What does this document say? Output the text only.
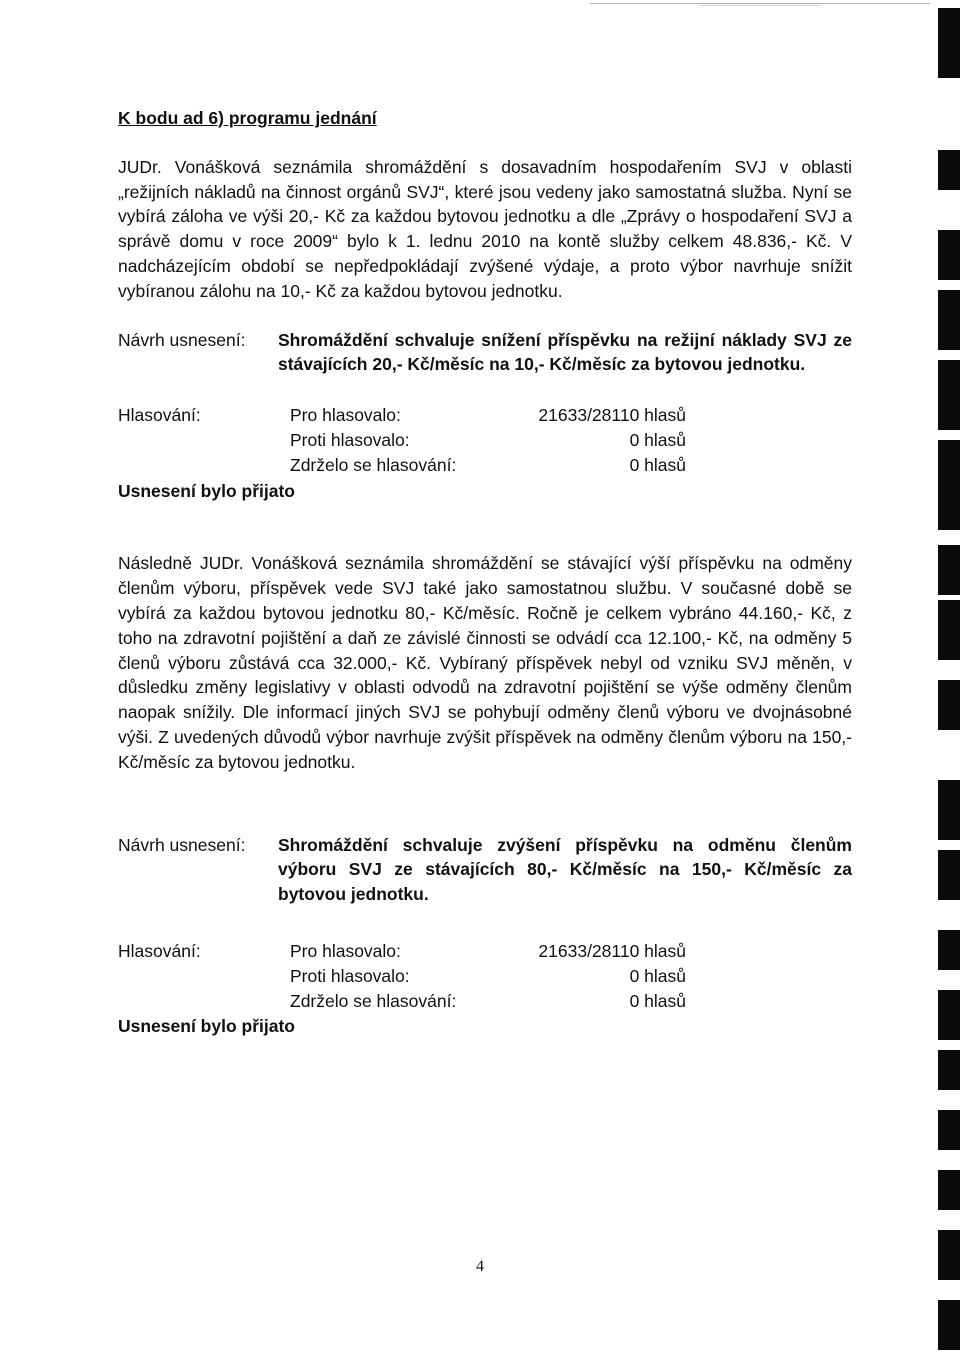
K bodu ad 6) programu jednání

JUDr. Vonášková seznámila shromáždění s dosavadním hospodařením SVJ v oblasti „režijních nákladů na činnost orgánů SVJ“, které jsou vedeny jako samostatná služba. Nyní se vybírá záloha ve výši 20,- Kč za každou bytovou jednotku a dle „Zprávy o hospodaření SVJ a správě domu v roce 2009“ bylo k 1. lednu 2010 na kontě služby celkem 48.836,- Kč. V nadcházejícím období se nepředpokládají zvýšené výdaje, a proto výbor navrhuje snížit vybíranou zálohu na 10,- Kč za každou bytovou jednotku.

Návrh usnesení:	Shromáždění schvaluje snížení příspěvku na režijní náklady SVJ ze stávajících 20,- Kč/měsíc na 10,- Kč/měsíc za bytovou jednotku.
Hlasování:	Pro hlasovalo:	21633/28110 hlasů
Proti hlasovalo:	0 hlasů
Zdrželo se hlasování:	0 hlasů
Usnesení bylo přijato

Následně JUDr. Vonášková seznámila shromáždění se stávající výší příspěvku na odměny členům výboru, příspěvek vede SVJ také jako samostatnou službu. V současné době se vybírá za každou bytovou jednotku 80,- Kč/měsíc. Ročně je celkem vybráno 44.160,- Kč, z toho na zdravotní pojištění a daň ze závislé činnosti se odvádí cca 12.100,- Kč, na odměny 5 členů výboru zůstává cca 32.000,- Kč. Vybíraný příspěvek nebyl od vzniku SVJ měněn, v důsledku změny legislativy v oblasti odvodů na zdravotní pojištění se výše odměny členům naopak snížily. Dle informací jiných SVJ se pohybují odměny členů výboru ve dvojnásobné výši. Z uvedených důvodů výbor navrhuje zvýšit příspěvek na odměny členům výboru na 150,- Kč/měsíc za bytovou jednotku.

Návrh usnesení:	Shromáždění schvaluje zvýšení příspěvku na odměnu členům výboru SVJ ze stávajících 80,- Kč/měsíc na 150,- Kč/měsíc za bytovou jednotku.
Hlasování:	Pro hlasovalo:	21633/28110 hlasů
Proti hlasovalo:	0 hlasů
Zdrželo se hlasování:	0 hlasů
Usnesení bylo přijato
4
